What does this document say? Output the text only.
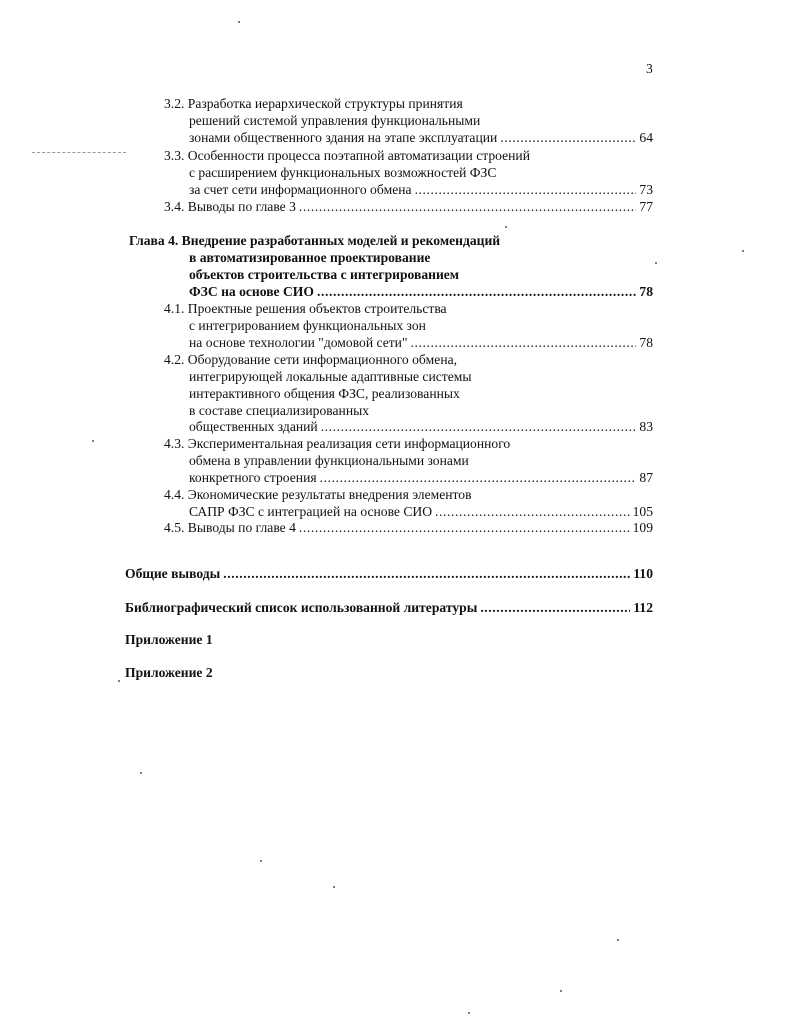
3
3.2. Разработка иерархической структуры принятия
решений системой управления функциональными
зонами общественного здания на этапе эксплуатации .....	64
3.3. Особенности процесса поэтапной автоматизации строений
с расширением функциональных возможностей ФЗС
за счет сети информационного обмена .....	73
3.4. Выводы по главе 3 .....	77
Глава 4. Внедрение разработанных моделей и рекомендаций
в автоматизированное проектирование
объектов строительства с интегрированием
ФЗС на основе СИО .....	78
4.1. Проектные решения объектов строительства
с интегрированием функциональных зон
на основе технологии "домовой сети" .....	78
4.2. Оборудование сети информационного обмена,
интегрирующей локальные адаптивные системы
интерактивного общения ФЗС, реализованных
в составе специализированных
общественных зданий .....	83
4.3. Экспериментальная реализация сети информационного
обмена в управлении функциональными зонами
конкретного строения .....	87
4.4. Экономические результаты внедрения элементов
САПР ФЗС с интеграцией на основе СИО .....	105
4.5. Выводы по главе 4 .....	109
Общие выводы .....	110
Библиографический список использованной литературы .....	112
Приложение 1
Приложение 2
